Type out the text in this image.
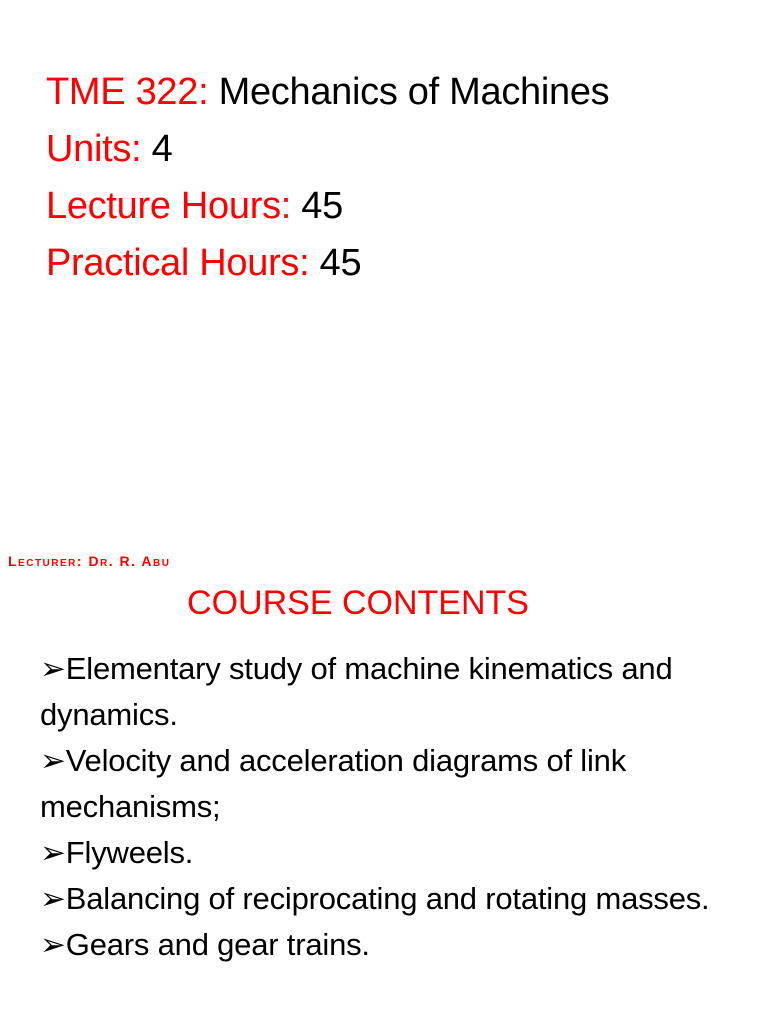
TME 322: Mechanics of Machines
Units: 4
Lecture Hours: 45
Practical Hours: 45
Lecturer: Dr. R. Abu
COURSE CONTENTS
➢Elementary study of machine kinematics and dynamics.
➢Velocity and acceleration diagrams of link mechanisms;
➢Flyweels.
➢Balancing of reciprocating and rotating masses.
➢Gears and gear trains.
